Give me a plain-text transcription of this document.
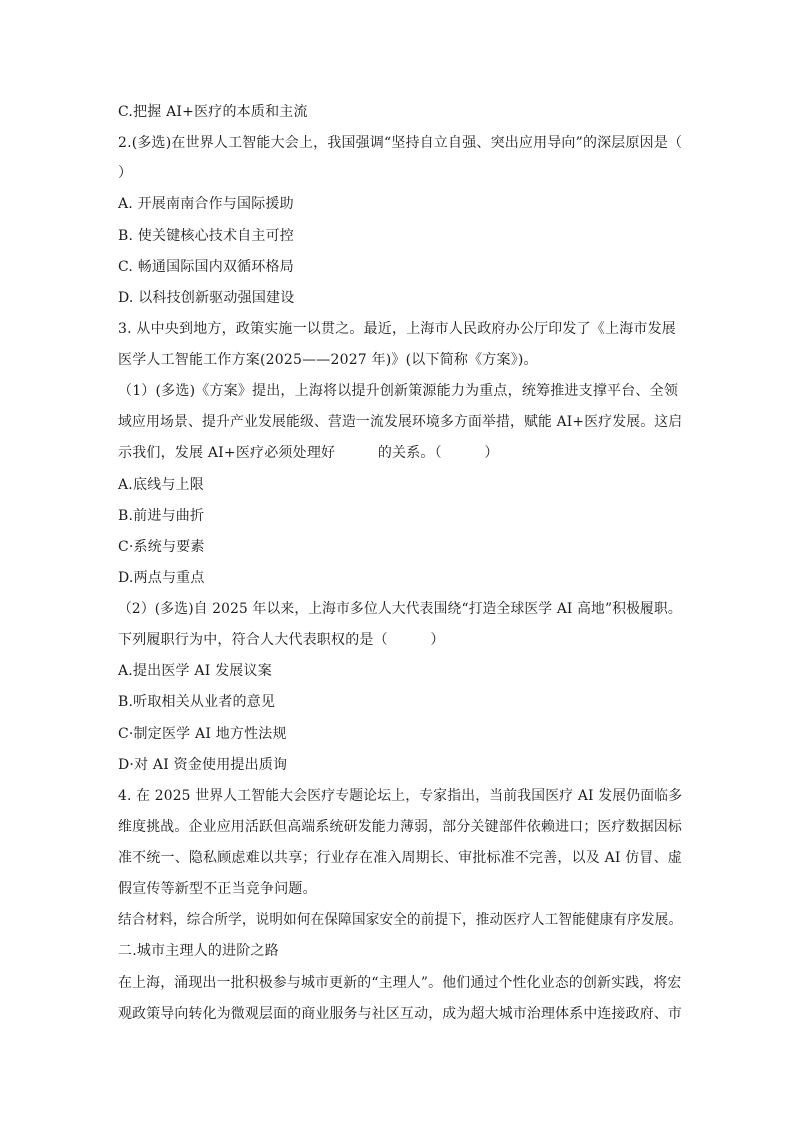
C.把握 AI+医疗的本质和主流
2.(多选)在世界人工智能大会上，我国强调“坚持自立自强、突出应用导向”的深层原因是（
）
A. 开展南南合作与国际援助
B. 使关键核心技术自主可控
C. 畅通国际国内双循环格局
D. 以科技创新驱动强国建设
3. 从中央到地方，政策实施一以贯之。最近，上海市人民政府办公厅印发了《上海市发展
医学人工智能工作方案(2025——2027 年)》(以下简称《方案》)。
（1）(多选)《方案》提出，上海将以提升创新策源能力为重点，统筹推进支撑平台、全领
域应用场景、提升产业发展能级、营造一流发展环境多方面举措，赋能 AI+医疗发展。这启
示我们，发展 AI+医疗必须处理好　　　的关系。（　　　）
A.底线与上限
B.前进与曲折
C·系统与要素
D.两点与重点
（2）(多选)自 2025 年以来，上海市多位人大代表围绕“打造全球医学 AI 高地”积极履职。
下列履职行为中，符合人大代表职权的是（　　　）
A.提出医学 AI 发展议案
B.听取相关从业者的意见
C·制定医学 AI 地方性法规
D·对 AI 资金使用提出质询
4. 在 2025 世界人工智能大会医疗专题论坛上，专家指出，当前我国医疗 AI 发展仍面临多
维度挑战。企业应用活跃但高端系统研发能力薄弱，部分关键部件依赖进口；医疗数据因标
准不统一、隐私顾虑难以共享；行业存在准入周期长、审批标准不完善，以及 AI 仿冒、虚
假宣传等新型不正当竞争问题。
结合材料，综合所学，说明如何在保障国家安全的前提下，推动医疗人工智能健康有序发展。
二.城市主理人的进阶之路
在上海，涌现出一批积极参与城市更新的“主理人”。他们通过个性化业态的创新实践，将宏
观政策导向转化为微观层面的商业服务与社区互动，成为超大城市治理体系中连接政府、市
